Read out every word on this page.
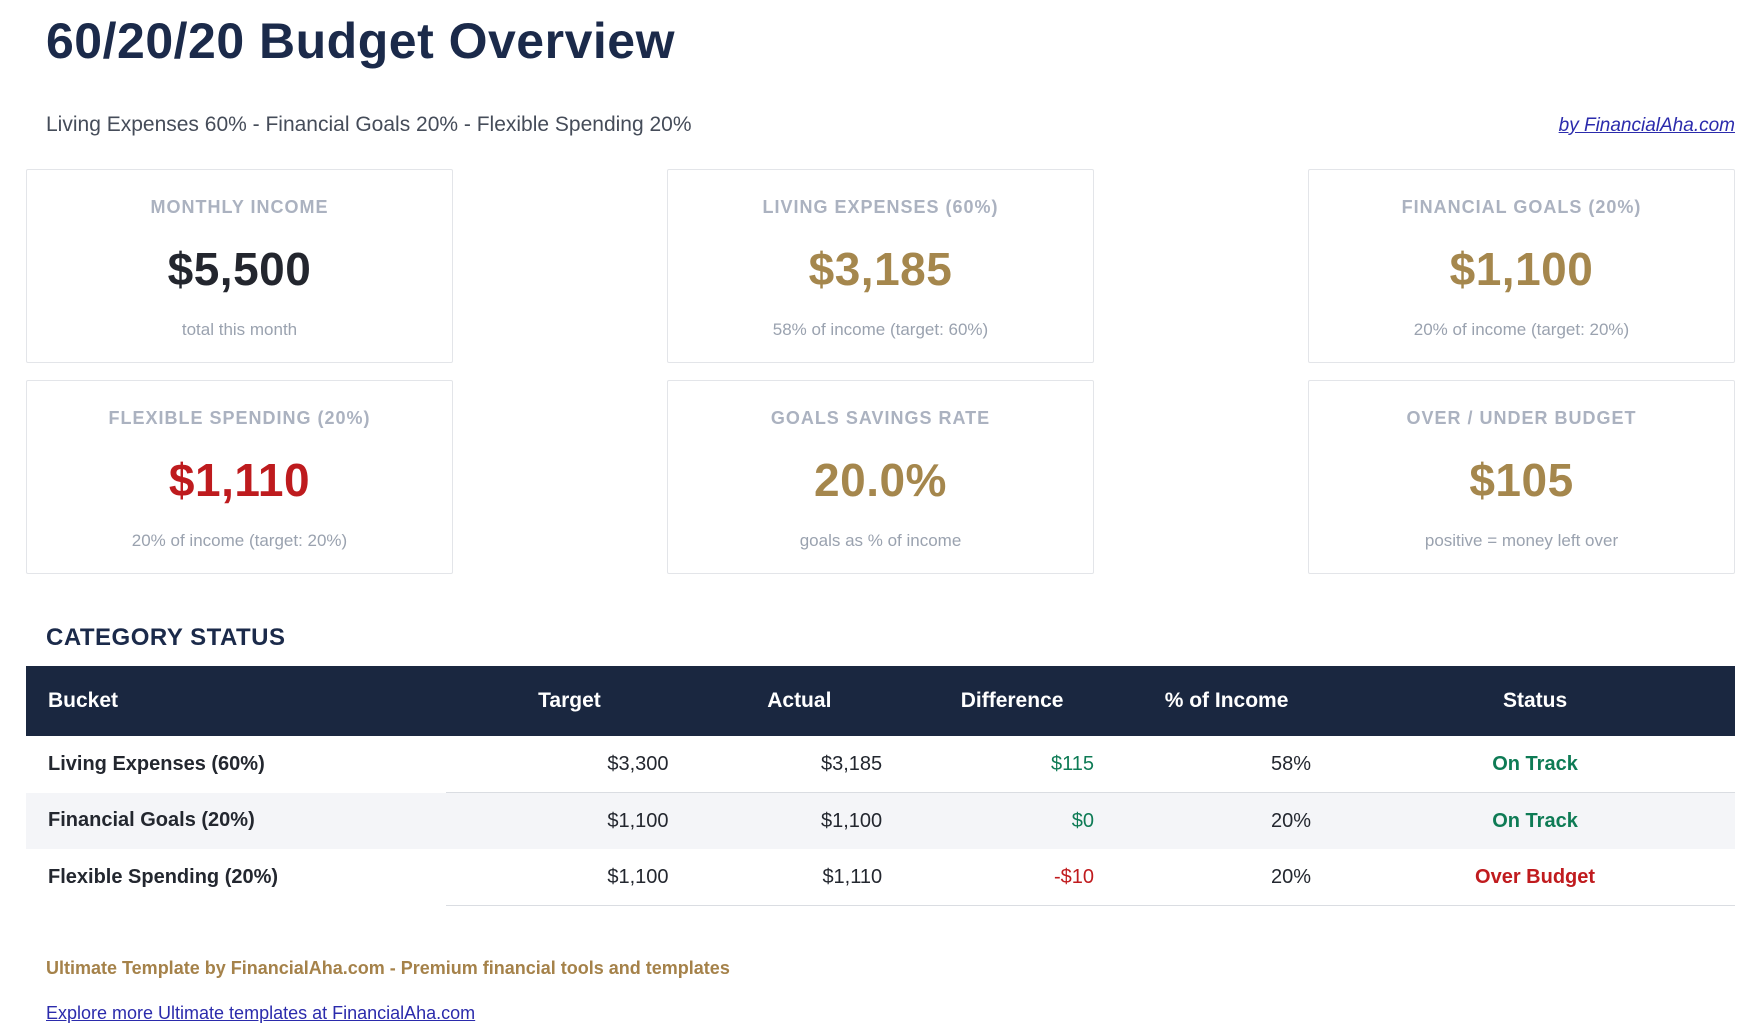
60/20/20 Budget Overview
Living Expenses 60% - Financial Goals 20% - Flexible Spending 20%	by FinancialAha.com
MONTHLY INCOME
$5,500
total this month
LIVING EXPENSES (60%)
$3,185
58% of income (target: 60%)
FINANCIAL GOALS (20%)
$1,100
20% of income (target: 20%)
FLEXIBLE SPENDING (20%)
$1,110
20% of income (target: 20%)
GOALS SAVINGS RATE
20.0%
goals as % of income
OVER / UNDER BUDGET
$105
positive = money left over
CATEGORY STATUS
Bucket	Target	Actual	Difference	% of Income	Status
Living Expenses (60%)	$3,300	$3,185	$115	58%	On Track
Financial Goals (20%)	$1,100	$1,100	$0	20%	On Track
Flexible Spending (20%)	$1,100	$1,110	-$10	20%	Over Budget
Ultimate Template by FinancialAha.com - Premium financial tools and templates
Explore more Ultimate templates at FinancialAha.com
